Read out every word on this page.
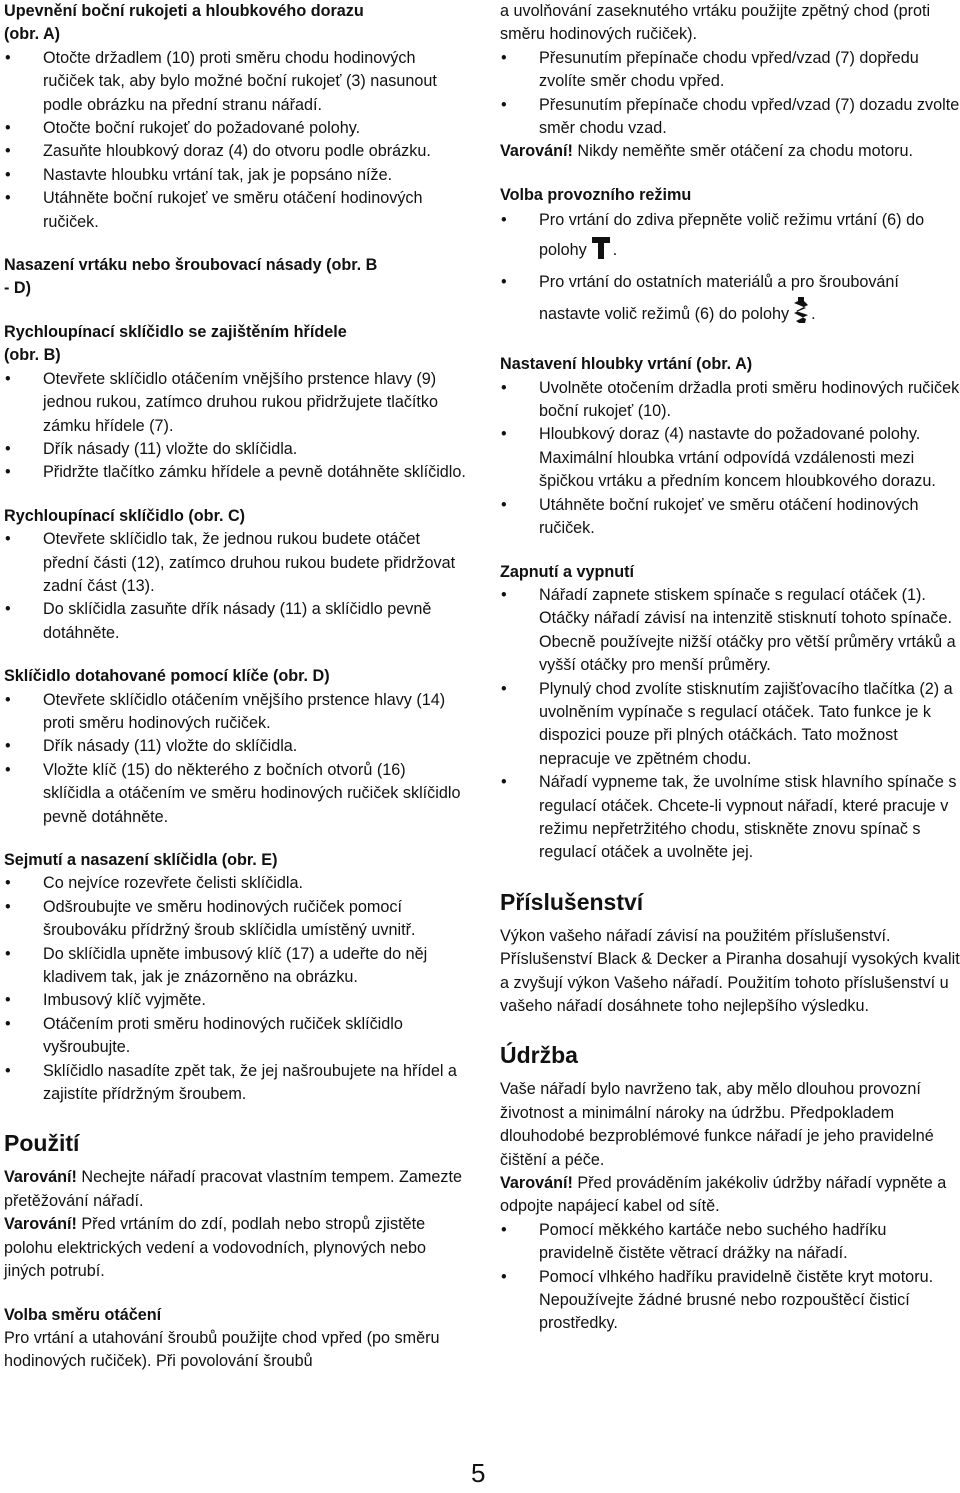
Upevnění boční rukojeti a hloubkového dorazu
(obr. A)

• Otočte držadlem (10) proti směru chodu hodinových ručiček tak, aby bylo možné boční rukojeť (3) nasunout podle obrázku na přední stranu nářadí.
• Otočte boční rukojeť do požadované polohy.
• Zasuňte hloubkový doraz (4) do otvoru podle obrázku.
• Nastavte hloubku vrtání tak, jak je popsáno níže.
• Utáhněte boční rukojeť ve směru otáčení hodinových ručiček.

Nasazení vrtáku nebo šroubovací násady (obr. B
- D)

Rychloupínací sklíčidlo se zajištěním hřídele
(obr. B)

• Otevřete sklíčidlo otáčením vnějšího prstence hlavy (9) jednou rukou, zatímco druhou rukou přidržujete tlačítko zámku hřídele (7).
• Dřík násady (11) vložte do sklíčidla.
• Přidržte tlačítko zámku hřídele a pevně dotáhněte sklíčidlo.

Rychloupínací sklíčidlo (obr. C)

• Otevřete sklíčidlo tak, že jednou rukou budete otáčet přední části (12), zatímco druhou rukou budete přidržovat zadní část (13).
• Do sklíčidla zasuňte dřík násady (11) a sklíčidlo pevně dotáhněte.

Sklíčidlo dotahované pomocí klíče (obr. D)

• Otevřete sklíčidlo otáčením vnějšího prstence hlavy (14) proti směru hodinových ručiček.
• Dřík násady (11) vložte do sklíčidla.
• Vložte klíč (15) do některého z bočních otvorů (16) sklíčidla a otáčením ve směru hodinových ručiček sklíčidlo pevně dotáhněte.

Sejmutí a nasazení sklíčidla (obr. E)

• Co nejvíce rozevřete čelisti sklíčidla.
• Odšroubujte ve směru hodinových ručiček pomocí šroubováku přídržný šroub sklíčidla umístěný uvnitř.
• Do sklíčidla upněte imbusový klíč (17) a udeřte do něj kladivem tak, jak je znázorněno na obrázku.
• Imbusový klíč vyjměte.
• Otáčením proti směru hodinových ručiček sklíčidlo vyšroubujte.
• Sklíčidlo nasadíte zpět tak, že jej našroubujete na hřídel a zajistíte přídržným šroubem.
Použití

Varování! Nechejte nářadí pracovat vlastním tempem. Zamezte přetěžování nářadí.

Varování! Před vrtáním do zdí, podlah nebo stropů zjistěte polohu elektrických vedení a vodovodních, plynových nebo jiných potrubí.

Volba směru otáčení

Pro vrtání a utahování šroubů použijte chod vpřed (po směru hodinových ručiček). Při povolování šroubů

a uvolňování zaseknutého vrtáku použijte zpětný chod (proti směru hodinových ručiček).

• Přesunutím přepínače chodu vpřed/vzad (7) dopředu zvolíte směr chodu vpřed.
• Přesunutím přepínače chodu vpřed/vzad (7) dozadu zvolte směr chodu vzad.

Varování! Nikdy neměňte směr otáčení za chodu motoru.

Volba provozního režimu

• Pro vrtání do zdiva přepněte volič režimu vrtání (6) do polohy .
• Pro vrtání do ostatních materiálů a pro šroubování nastavte volič režimů (6) do polohy .

Nastavení hloubky vrtání (obr. A)

• Uvolněte otočením držadla proti směru hodinových ručiček boční rukojeť (10).
• Hloubkový doraz (4) nastavte do požadované polohy. Maximální hloubka vrtání odpovídá vzdálenosti mezi špičkou vrtáku a předním koncem hloubkového dorazu.
• Utáhněte boční rukojeť ve směru otáčení hodinových ručiček.

Zapnutí a vypnutí

• Nářadí zapnete stiskem spínače s regulací otáček (1). Otáčky nářadí závisí na intenzitě stisknutí tohoto spínače. Obecně používejte nižší otáčky pro větší průměry vrtáků a vyšší otáčky pro menší průměry.
• Plynulý chod zvolíte stisknutím zajišťovacího tlačítka (2) a uvolněním vypínače s regulací otáček. Tato funkce je k dispozici pouze při plných otáčkách. Tato možnost nepracuje ve zpětném chodu.
• Nářadí vypneme tak, že uvolníme stisk hlavního spínače s regulací otáček. Chcete-li vypnout nářadí, které pracuje v režimu nepřetržitého chodu, stiskněte znovu spínač s regulací otáček a uvolněte jej.
Příslušenství

Výkon vašeho nářadí závisí na použitém příslušenství. Příslušenství Black & Decker a Piranha dosahují vysokých kvalit a zvyšují výkon Vašeho nářadí. Použitím tohoto příslušenství u vašeho nářadí dosáhnete toho nejlepšího výsledku.

Údržba

Vaše nářadí bylo navrženo tak, aby mělo dlouhou provozní životnost a minimální nároky na údržbu. Předpokladem dlouhodobé bezproblémové funkce nářadí je jeho pravidelné čištění a péče.

Varování! Před prováděním jakékoliv údržby nářadí vypněte a odpojte napájecí kabel od sítě.

• Pomocí měkkého kartáče nebo suchého hadříku pravidelně čistěte větrací drážky na nářadí.
• Pomocí vlhkého hadříku pravidelně čistěte kryt motoru. Nepoužívejte žádné brusné nebo rozpouštěcí čisticí prostředky.
5
